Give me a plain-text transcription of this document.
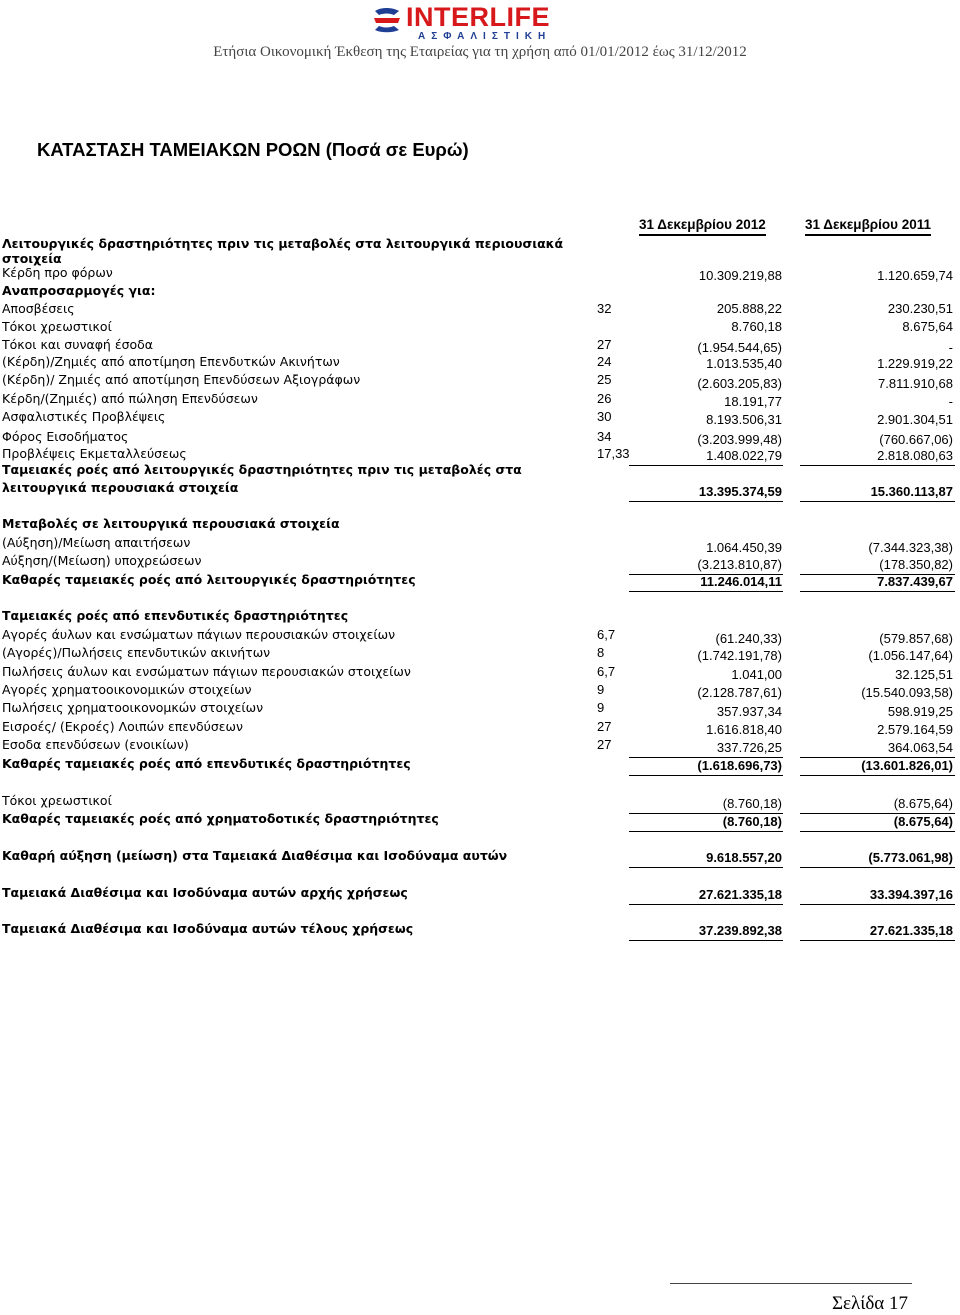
INTERLIFE
ΑΣΦΑΛΙΣΤΙΚΗ
Ετήσια Οικονομική Έκθεση της Εταιρείας για τη χρήση από 01/01/2012 έως 31/12/2012
ΚΑΤΑΣΤΑΣΗ ΤΑΜΕΙΑΚΩΝ ΡΟΩΝ (Ποσά σε Ευρώ)
31 Δεκεμβρίου 2012	31 Δεκεμβρίου 2011
Λειτουργικές δραστηριότητες πριν τις μεταβολές στα λειτουργικά περιουσιακά
στοιχεία
Κέρδη προ φόρων	10.309.219,88	1.120.659,74
Αναπροσαρμογές για:
Αποσβέσεις	32	205.888,22	230.230,51
Τόκοι χρεωστικοί	8.760,18	8.675,64
Τόκοι και συναφή έσοδα	27	(1.954.544,65)	-
(Κέρδη)/Ζημιές από αποτίμηση Επενδυτκών Ακινήτων	24	1.013.535,40	1.229.919,22
(Κέρδη)/ Ζημιές από αποτίμηση Επενδύσεων Αξιογράφων	25	(2.603.205,83)	7.811.910,68
Κέρδη/(Ζημιές) από πώληση Επενδύσεων	26	18.191,77	-
Ασφαλιστικές Προβλέψεις	30	8.193.506,31	2.901.304,51
Φόρος Εισοδήματος	34	(3.203.999,48)	(760.667,06)
Προβλέψεις Εκμεταλλεύσεως	17,33	1.408.022,79	2.818.080,63
Ταμειακές ροές από λειτουργικές δραστηριότητες πριν τις μεταβολές στα
λειτουργικά περουσιακά στοιχεία	13.395.374,59	15.360.113,87
Μεταβολές σε λειτουργικά περουσιακά στοιχεία
(Αύξηση)/Μείωση απαιτήσεων	1.064.450,39	(7.344.323,38)
Αύξηση/(Μείωση) υποχρεώσεων	(3.213.810,87)	(178.350,82)
Καθαρές ταμειακές ροές από λειτουργικές δραστηριότητες	11.246.014,11	7.837.439,67
Ταμειακές ροές από επενδυτικές δραστηριότητες
Αγορές άυλων και ενσώματων πάγιων περουσιακών στοιχείων	6,7	(61.240,33)	(579.857,68)
(Αγορές)/Πωλήσεις επενδυτικών ακινήτων	8	(1.742.191,78)	(1.056.147,64)
Πωλήσεις άυλων και ενσώματων πάγιων περουσιακών στοιχείων	6,7	1.041,00	32.125,51
Αγορές χρηματοοικονομικών στοιχείων	9	(2.128.787,61)	(15.540.093,58)
Πωλήσεις χρηματοοικονομκών στοιχείων	9	357.937,34	598.919,25
Εισροές/ (Εκροές) Λοιπών επενδύσεων	27	1.616.818,40	2.579.164,59
Εσοδα επενδύσεων (ενοικίων)	27	337.726,25	364.063,54
Καθαρές ταμειακές ροές από επενδυτικές δραστηριότητες	(1.618.696,73)	(13.601.826,01)
Τόκοι χρεωστικοί	(8.760,18)	(8.675,64)
Καθαρές ταμειακές ροές από χρηματοδοτικές δραστηριότητες	(8.760,18)	(8.675,64)
Καθαρή αύξηση (μείωση) στα Ταμειακά Διαθέσιμα και Ισοδύναμα αυτών	9.618.557,20	(5.773.061,98)
Ταμειακά Διαθέσιμα και Ισοδύναμα αυτών αρχής χρήσεως	27.621.335,18	33.394.397,16
Ταμειακά Διαθέσιμα και Ισοδύναμα αυτών τέλους χρήσεως	37.239.892,38	27.621.335,18
Σελίδα 17
